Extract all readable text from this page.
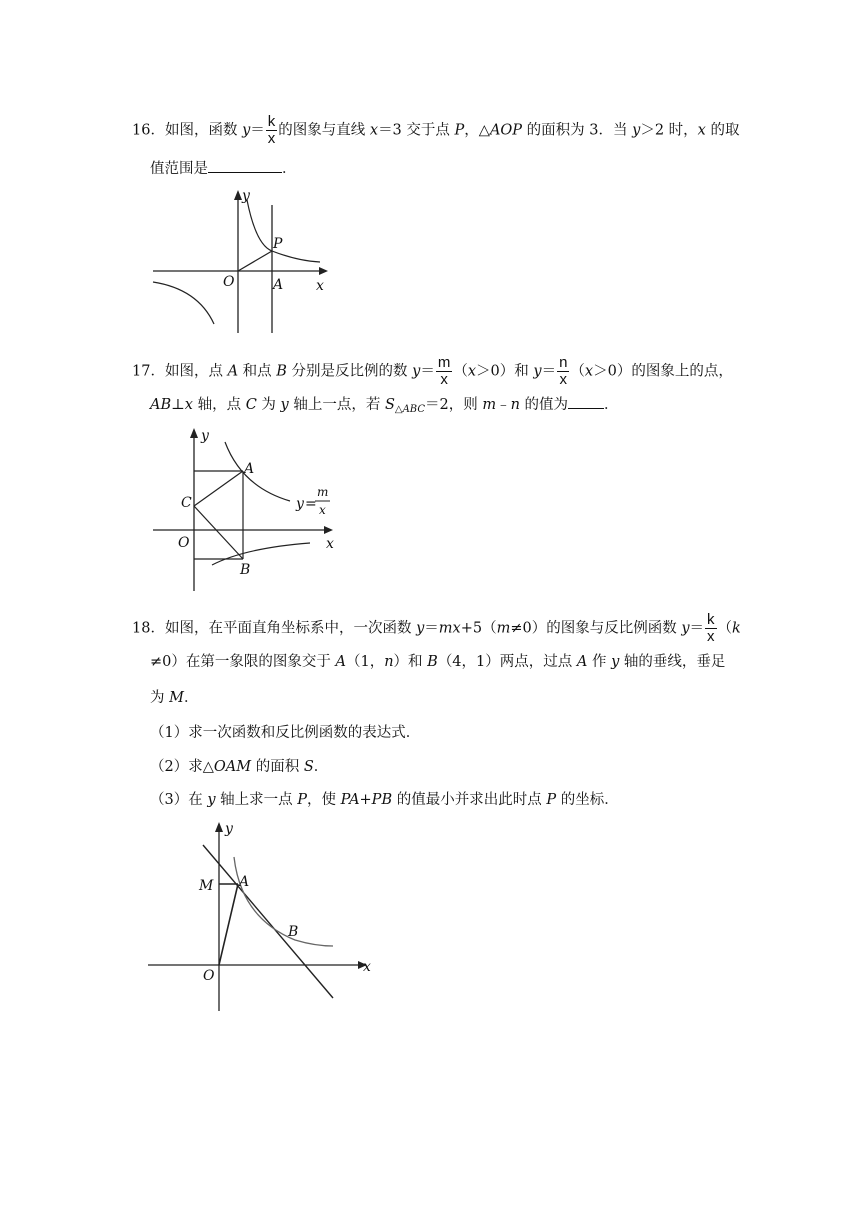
16．如图，函数 $y= \frac{k}{x}$ 的图象与直线 x＝3 交于点 P，△AOP 的面积为 3．当 y＞2 时，x 的取
值范围是	．
y
P
O	A x
17．如图，点 A 和点 B 分别是反比例的数 $y= \frac{m}{x} (x>0)$和 $y= \frac{n}{x} (x>0)$的图象上的点，
AB⊥x 轴，点 C 为 y 轴上一点，若 $S_{\triangle ABC}=2$，则 m﹣n 的值为 ．
y
A
C
O
B
x
y =
m
x
18．如图，在平面直角坐标系中，一次函数 y＝mx+5（m≠0）的图象与反比例函数 $y= \frac{k}{x} (k$
≠0）在第一象限的图象交于 A（1，n）和 B（4，1）两点，过点 A 作 y 轴的垂线，垂足
为 M．
（1）求一次函数和反比例函数的表达式．
（2）求△OAM 的面积 S．
（3）在 y 轴上求一点 P，使 PA+PB 的值最小并求出此时点 P 的坐标．
y
M A
B
O
x
